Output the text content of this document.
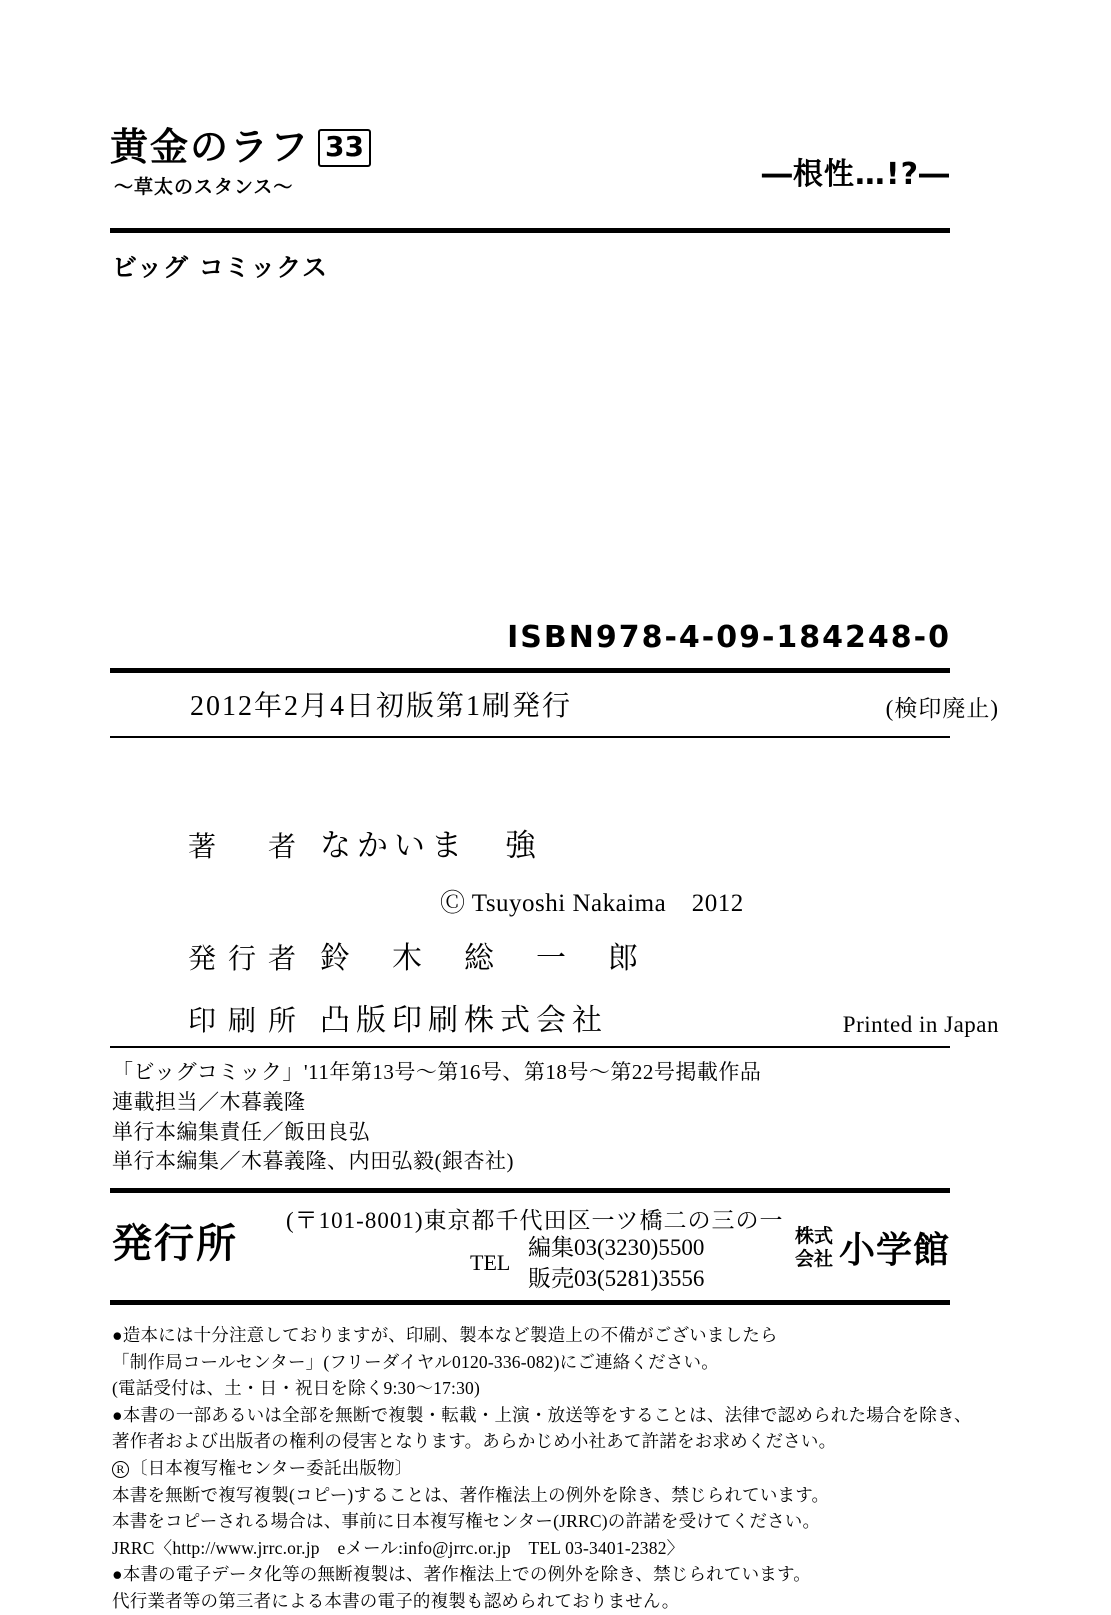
黄金のラフ 33
〜草太のスタンス〜	―根性…!?―
ビッグ コミックス
ISBN978-4-09-184248-0
2012年2月4日初版第1刷発行	(検印廃止)
著　者 なかいま　強
Ⓒ Tsuyoshi Nakaima　2012
発行者 鈴　木　総　一　郎
印刷所 凸版印刷株式会社	Printed in Japan
「ビッグコミック」'11年第13号〜第16号、第18号〜第22号掲載作品
連載担当／木暮義隆
単行本編集責任／飯田良弘
単行本編集／木暮義隆、内田弘毅(銀杏社)
発行所
(〒101-8001)東京都千代田区一ツ橋二の三の一
TEL
編集03(3230)5500
販売03(5281)3556
株式
会社 小学館
●造本には十分注意しておりますが、印刷、製本など製造上の不備がございましたら
「制作局コールセンター」(フリーダイヤル0120-336-082)にご連絡ください。
(電話受付は、土・日・祝日を除く9:30〜17:30)
●本書の一部あるいは全部を無断で複製・転載・上演・放送等をすることは、法律で認められた場合を除き、
著作者および出版者の権利の侵害となります。あらかじめ小社あて許諾をお求めください。
R 〔日本複写権センター委託出版物〕
本書を無断で複写複製(コピー)することは、著作権法上の例外を除き、禁じられています。
本書をコピーされる場合は、事前に日本複写権センター(JRRC)の許諾を受けてください。
JRRC〈http://www.jrrc.or.jp　eメール:info@jrrc.or.jp　TEL 03-3401-2382〉
●本書の電子データ化等の無断複製は、著作権法上での例外を除き、禁じられています。
代行業者等の第三者による本書の電子的複製も認められておりません。
